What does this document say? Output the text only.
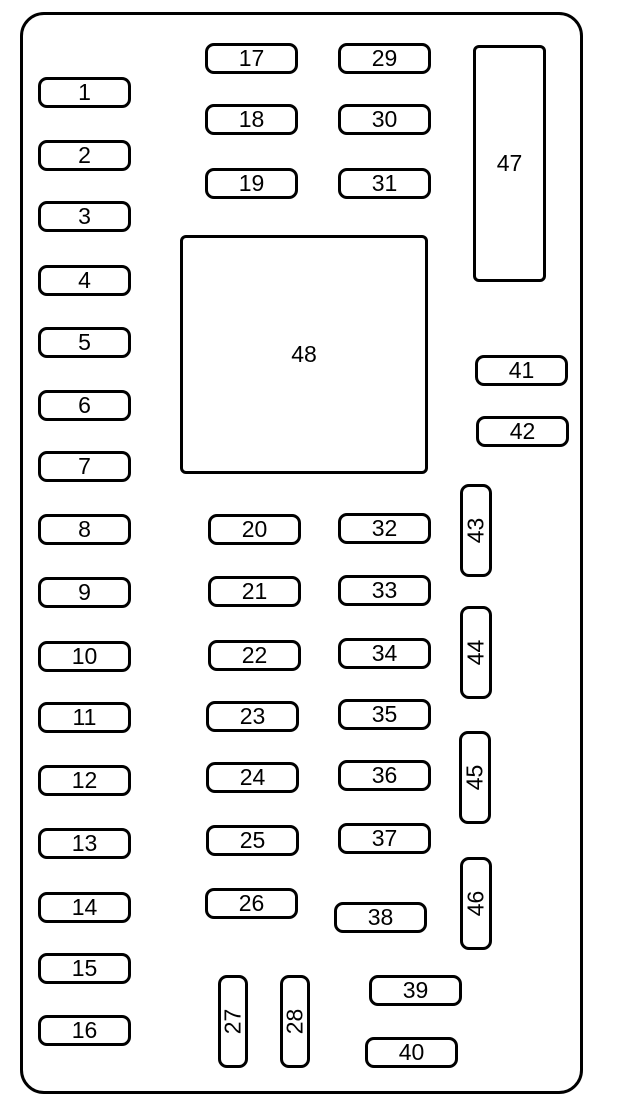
1
2
3
4
5
6
7
8
9
10
11
12
13
14
15
16
17
18
19
20
21
22
23
24
25
26
27 28
29
30
31
32
33
34
35
36
37
38
39
40
41
42
43
44
45
46
47
48
